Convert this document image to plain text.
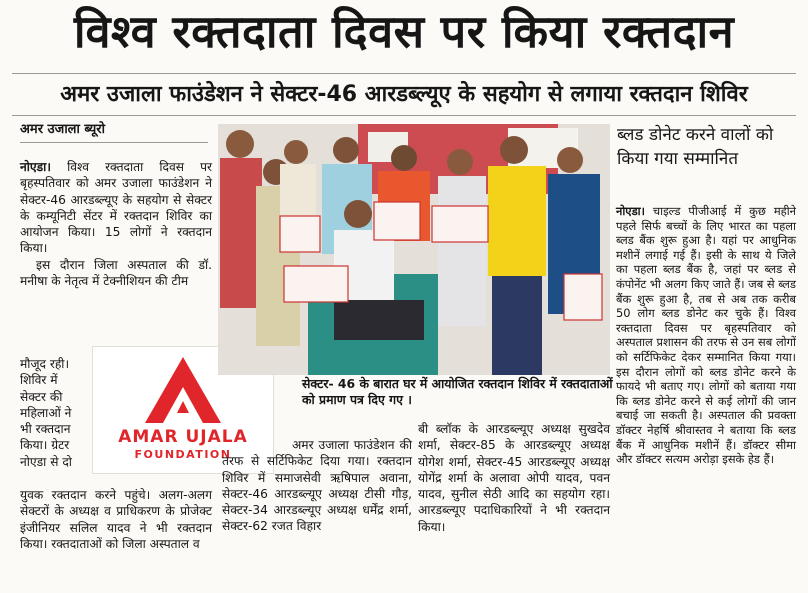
विश्व रक्तदाता दिवस पर किया रक्तदान
अमर उजाला फाउंडेशन ने सेक्टर-46 आरडब्ल्यूए के सहयोग से लगाया रक्तदान शिविर
अमर उजाला ब्यूरो

नोएडा। विश्व रक्तदाता दिवस पर बृहस्पतिवार को अमर उजाला फाउंडेशन ने सेक्टर-46 आरडब्ल्यूए के सहयोग से सेक्टर के कम्यूनिटी सेंटर में रक्तदान शिविर का आयोजन किया। 15 लोगों ने रक्तदान किया।

इस दौरान जिला अस्पताल की डॉ. मनीषा के नेतृत्व में टेक्नीशियन की टीम

मौजूद रही। शिविर में सेक्टर की महिलाओं ने भी रक्तदान किया। ग्रेटर नोएडा से दो

युवक रक्तदान करने पहुंचे। अलग-अलग सेक्टरों के अध्यक्ष व प्राधिकरण के प्रोजेक्ट इंजीनियर सलिल यादव ने भी रक्तदान किया। रक्तदाताओं को जिला अस्पताल व

AMAR UJALA
FOUNDATION
सेक्टर- 46 के बारात घर में आयोजित रक्तदान शिविर में रक्तदाताओं को प्रमाण पत्र दिए गए ।

अमर उजाला फाउंडेशन की तरफ से सर्टिफिकेट दिया गया। रक्तदान शिविर में समाजसेवी ऋषिपाल अवाना, सेक्टर-46 आरडब्ल्यूए अध्यक्ष टीसी गौड़, सेक्टर-34 आरडब्ल्यूए अध्यक्ष धर्मेंद्र शर्मा, सेक्टर-62 रजत विहार

बी ब्लॉक के आरडब्ल्यूए अध्यक्ष सुखदेव शर्मा, सेक्टर-85 के आरडब्ल्यूए अध्यक्ष योगेश शर्मा, सेक्टर-45 आरडब्ल्यूए अध्यक्ष योगेंद्र शर्मा के अलावा ओपी यादव, पवन यादव, सुनील सेठी आदि का सहयोग रहा। आरडब्ल्यूए पदाधिकारियों ने भी रक्तदान किया।

ब्लड डोनेट करने वालों को किया गया सम्मानित

नोएडा। चाइल्ड पीजीआई में कुछ महीने पहले सिर्फ बच्चों के लिए भारत का पहला ब्लड बैंक शुरू हुआ है। यहां पर आधुनिक मशीनें लगाई गई हैं। इसी के साथ ये जिले का पहला ब्लड बैंक है, जहां पर ब्लड से कंपोनेंट भी अलग किए जाते हैं। जब से ब्लड बैंक शुरू हुआ है, तब से अब तक करीब 50 लोग ब्लड डोनेट कर चुके हैं। विश्व रक्तदाता दिवस पर बृहस्पतिवार को अस्पताल प्रशासन की तरफ से उन सब लोगों को सर्टिफिकेट देकर सम्मानित किया गया। इस दौरान लोगों को ब्लड डोनेट करने के फायदे भी बताए गए। लोगों को बताया गया कि ब्लड डोनेट करने से कई लोगों की जान बचाई जा सकती है। अस्पताल की प्रवक्ता डॉक्टर नेहर्षि श्रीवास्तव ने बताया कि ब्लड बैंक में आधुनिक मशीनें हैं। डॉक्टर सीमा और डॉक्टर सत्यम अरोड़ा इसके हेड हैं।
